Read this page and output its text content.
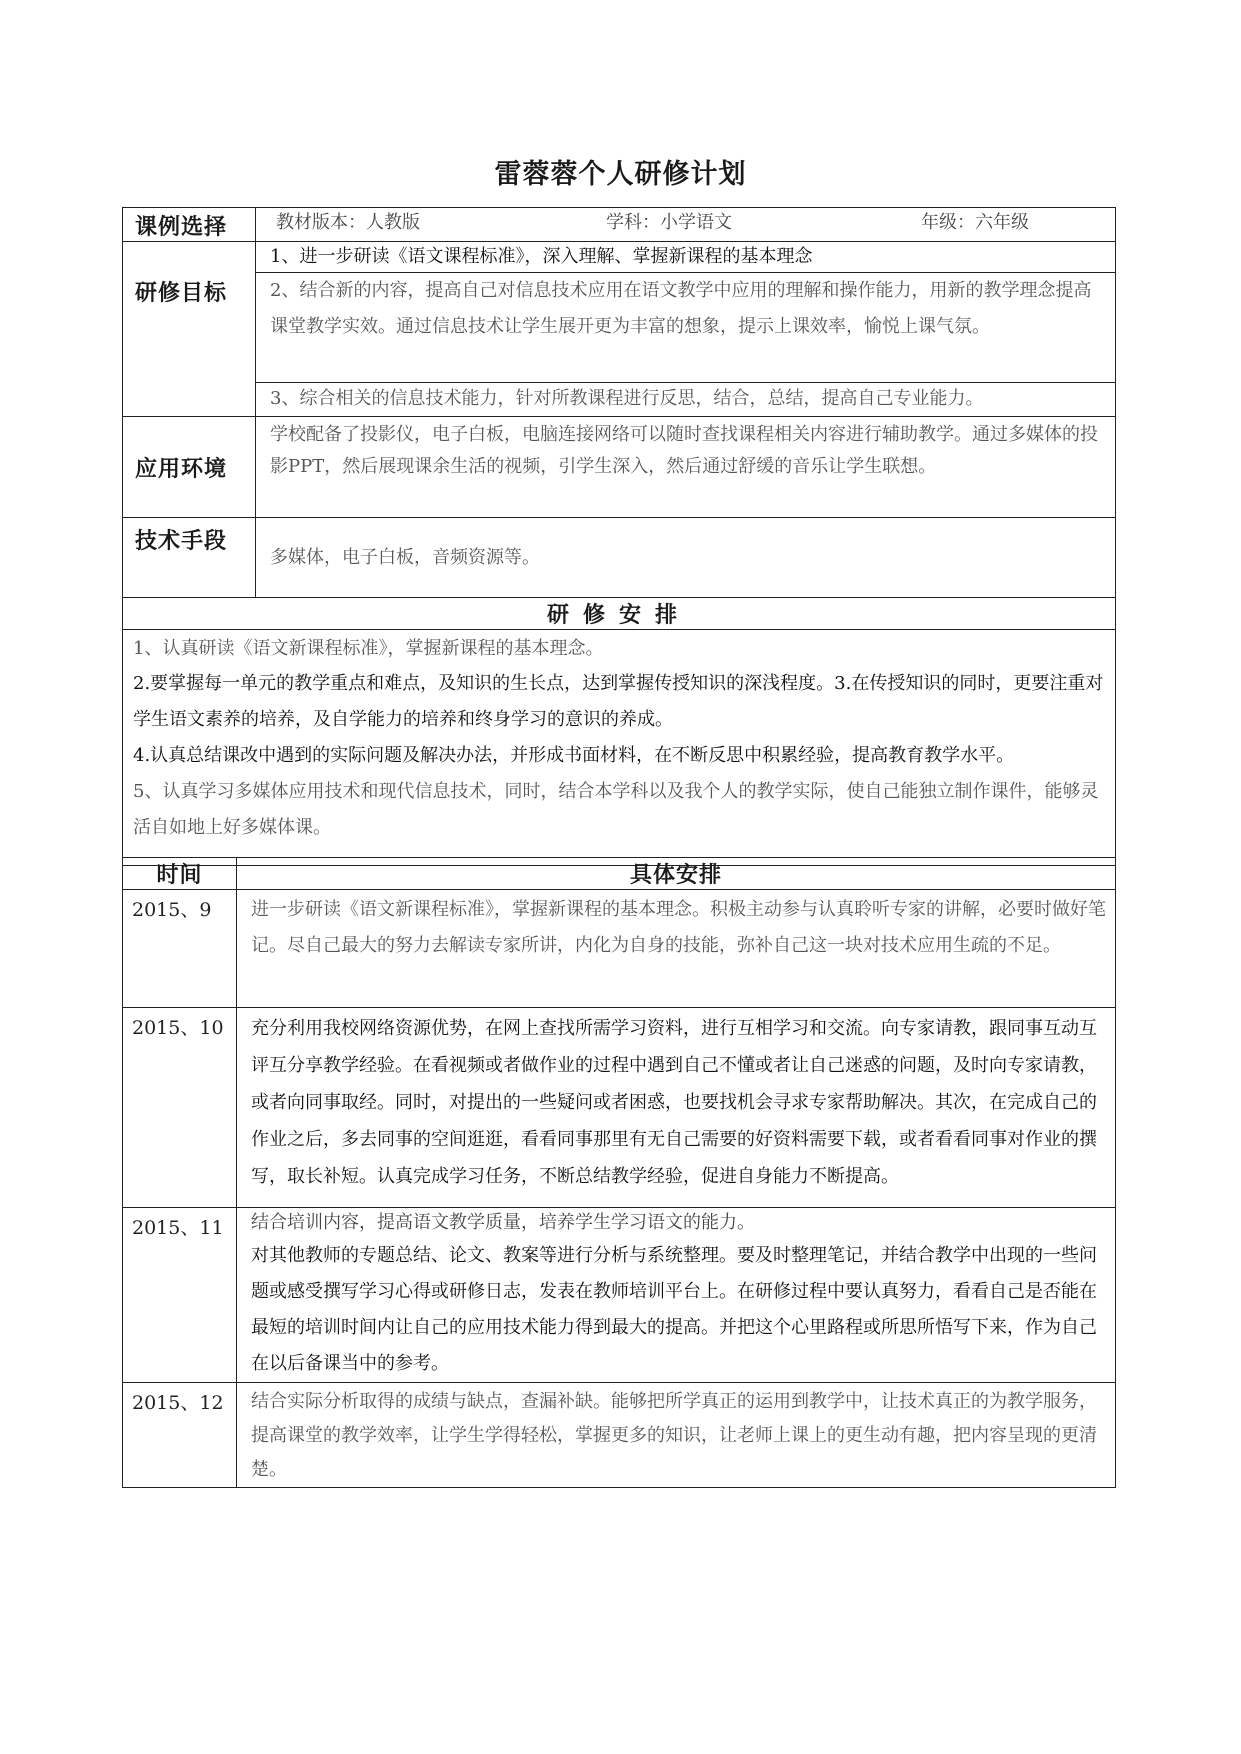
雷蓉蓉个人研修计划
课例选择	教材版本：人教版 学科：小学语文 年级：六年级

研修目标	1、进一步研读《语文课程标准》，深入理解、掌握新课程的基本理念
	2、结合新的内容，提高自己对信息技术应用在语文教学中应用的理解和操作能力，用新的教学理念提高课堂教学实效。通过信息技术让学生展开更为丰富的想象，提示上课效率，愉悦上课气氛。
	3、综合相关的信息技术能力，针对所教课程进行反思，结合，总结，提高自己专业能力。
应用环境	学校配备了投影仪，电子白板，电脑连接网络可以随时查找课程相关内容进行辅助教学。通过多媒体的投影PPT，然后展现课余生活的视频，引学生深入，然后通过舒缓的音乐让学生联想。
技术手段	多媒体，电子白板，音频资源等。
研修安排	

1、认真研读《语文新课程标准》，掌握新课程的基本理念。

2.要掌握每一单元的教学重点和难点，及知识的生长点，达到掌握传授知识的深浅程度。3.在传授知识的同时，更要注重对学生语文素养的培养，及自学能力的培养和终身学习的意识的养成。

4.认真总结课改中遇到的实际问题及解决办法，并形成书面材料，在不断反思中积累经验，提高教育教学水平。

5、认真学习多媒体应用技术和现代信息技术，同时，结合本学科以及我个人的教学实际，使自己能独立制作课件，能够灵活自如地上好多媒体课。	

时间	具体安排
2015、9	进一步研读《语文新课程标准》，掌握新课程的基本理念。积极主动参与认真聆听专家的讲解，必要时做好笔记。尽自己最大的努力去解读专家所讲，内化为自身的技能，弥补自己这一块对技术应用生疏的不足。
2015、10	充分利用我校网络资源优势，在网上查找所需学习资料，进行互相学习和交流。向专家请教，跟同事互动互评互分享教学经验。在看视频或者做作业的过程中遇到自己不懂或者让自己迷惑的问题，及时向专家请教，或者向同事取经。同时，对提出的一些疑问或者困惑，也要找机会寻求专家帮助解决。其次，在完成自己的作业之后，多去同事的空间逛逛，看看同事那里有无自己需要的好资料需要下载，或者看看同事对作业的撰写，取长补短。认真完成学习任务，不断总结教学经验，促进自身能力不断提高。
2015、11	结合培训内容，提高语文教学质量，培养学生学习语文的能力。
对其他教师的专题总结、论文、教案等进行分析与系统整理。要及时整理笔记，并结合教学中出现的一些问题或感受撰写学习心得或研修日志，发表在教师培训平台上。在研修过程中要认真努力，看看自己是否能在最短的培训时间内让自己的应用技术能力得到最大的提高。并把这个心里路程或所思所悟写下来，作为自己在以后备课当中的参考。

2015、12	结合实际分析取得的成绩与缺点，查漏补缺。能够把所学真正的运用到教学中，让技术真正的为教学服务，提高课堂的教学效率，让学生学得轻松，掌握更多的知识，让老师上课上的更生动有趣，把内容呈现的更清楚。
